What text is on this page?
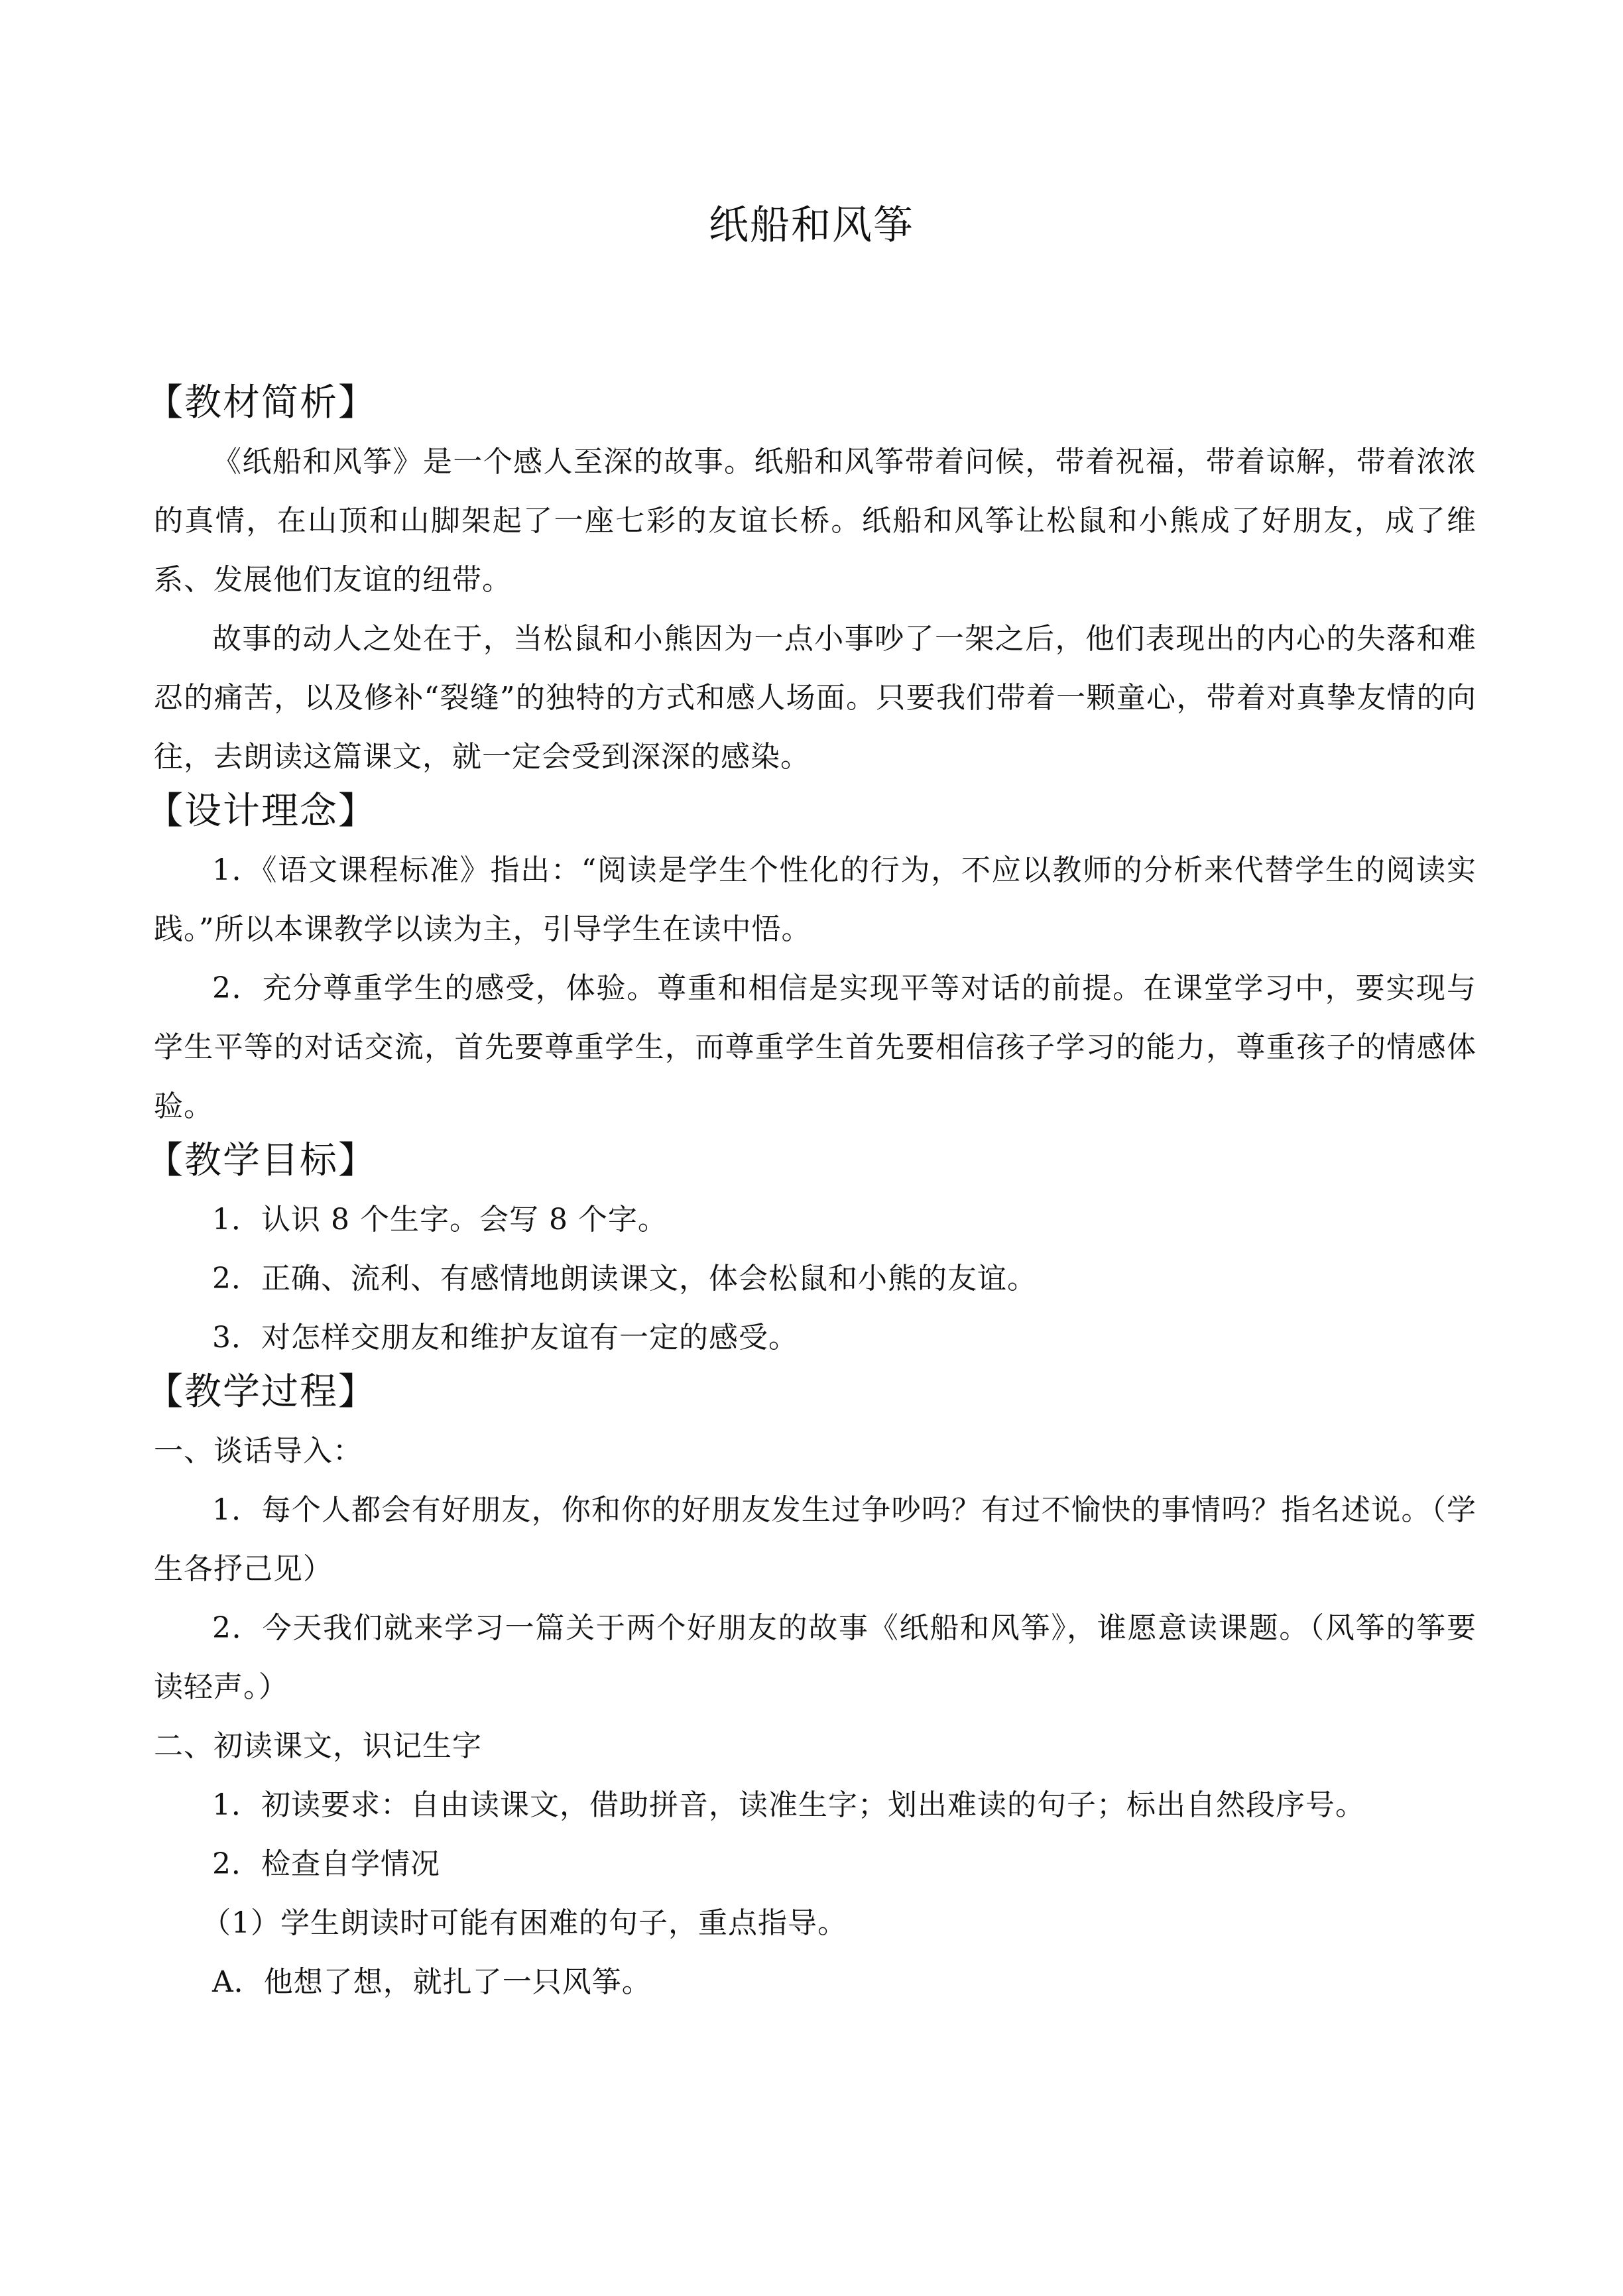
纸船和风筝
【教材简析】

《纸船和风筝》是一个感人至深的故事。纸船和风筝带着问候，带着祝福，带着谅解，带着浓浓的真情，在山顶和山脚架起了一座七彩的友谊长桥。纸船和风筝让松鼠和小熊成了好朋友，成了维系、发展他们友谊的纽带。

故事的动人之处在于，当松鼠和小熊因为一点小事吵了一架之后，他们表现出的内心的失落和难忍的痛苦，以及修补“裂缝”的独特的方式和感人场面。只要我们带着一颗童心，带着对真挚友情的向往，去朗读这篇课文，就一定会受到深深的感染。

【设计理念】

1．《语文课程标准》指出：“阅读是学生个性化的行为，不应以教师的分析来代替学生的阅读实践。”所以本课教学以读为主，引导学生在读中悟。

2．充分尊重学生的感受，体验。尊重和相信是实现平等对话的前提。在课堂学习中，要实现与学生平等的对话交流，首先要尊重学生，而尊重学生首先要相信孩子学习的能力，尊重孩子的情感体验。

【教学目标】

1．认识 8 个生字。会写 8 个字。

2．正确、流利、有感情地朗读课文，体会松鼠和小熊的友谊。

3．对怎样交朋友和维护友谊有一定的感受。

【教学过程】

一、谈话导入：

1．每个人都会有好朋友，你和你的好朋友发生过争吵吗？有过不愉快的事情吗？指名述说。（学生各抒己见）

2．今天我们就来学习一篇关于两个好朋友的故事《纸船和风筝》，谁愿意读课题。（风筝的筝要读轻声。）

二、初读课文，识记生字

1．初读要求：自由读课文，借助拼音，读准生字；划出难读的句子；标出自然段序号。

2．检查自学情况

（1）学生朗读时可能有困难的句子，重点指导。

A．他想了想，就扎了一只风筝。
